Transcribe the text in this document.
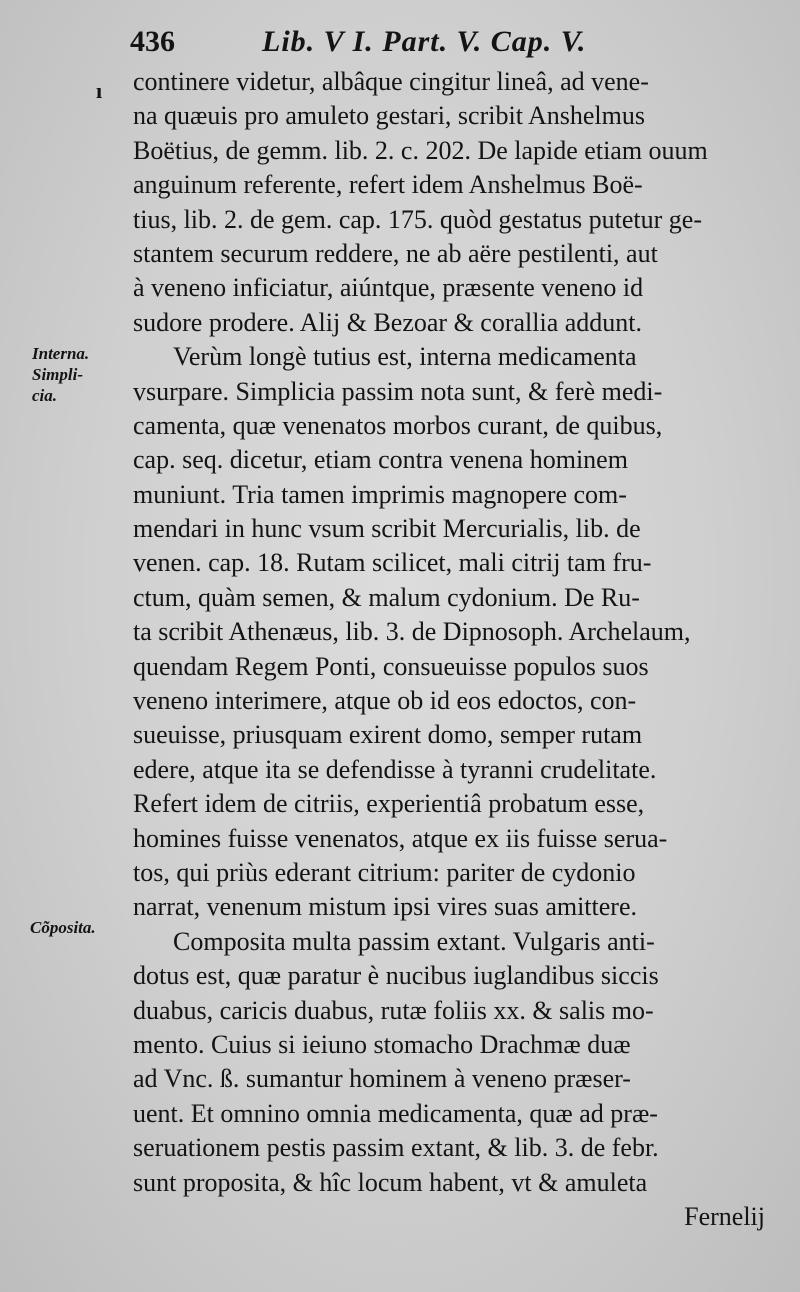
436	Lib. V I. Part. V. Cap. V.
ı
Interna.
Simpli-
cia.
Cõposita.
continere videtur, albâque cingitur lineâ, ad vene-
na quæuis pro amuleto gestari, scribit Anshelmus
Boëtius, de gemm. lib. 2. c. 202. De lapide etiam ouum
anguinum referente, refert idem Anshelmus Boë-
tius, lib. 2. de gem. cap. 175. quòd gestatus putetur ge-
stantem securum reddere, ne ab aëre pestilenti, aut
à veneno inficiatur, aiúntque, præsente veneno id
sudore prodere. Alij & Bezoar & corallia addunt.
Verùm longè tutius est, interna medicamenta
vsurpare. Simplicia passim nota sunt, & ferè medi-
camenta, quæ venenatos morbos curant, de quibus,
cap. seq. dicetur, etiam contra venena hominem
muniunt. Tria tamen imprimis magnopere com-
mendari in hunc vsum scribit Mercurialis, lib. de
venen. cap. 18. Rutam scilicet, mali citrij tam fru-
ctum, quàm semen, & malum cydonium. De Ru-
ta scribit Athenæus, lib. 3. de Dipnosoph. Archelaum,
quendam Regem Ponti, consueuisse populos suos
veneno interimere, atque ob id eos edoctos, con-
sueuisse, priusquam exirent domo, semper rutam
edere, atque ita se defendisse à tyranni crudelitate.
Refert idem de citriis, experientiâ probatum esse,
homines fuisse venenatos, atque ex iis fuisse serua-
tos, qui priùs ederant citrium: pariter de cydonio
narrat, venenum mistum ipsi vires suas amittere.
Composita multa passim extant. Vulgaris anti-
dotus est, quæ paratur è nucibus iuglandibus siccis
duabus, caricis duabus, rutæ foliis xx. & salis mo-
mento. Cuius si ieiuno stomacho Drachmæ duæ
ad Vnc. ß. sumantur hominem à veneno præser-
uent. Et omnino omnia medicamenta, quæ ad præ-
seruationem pestis passim extant, & lib. 3. de febr.
sunt proposita, & hîc locum habent, vt & amuleta
Fernelij
